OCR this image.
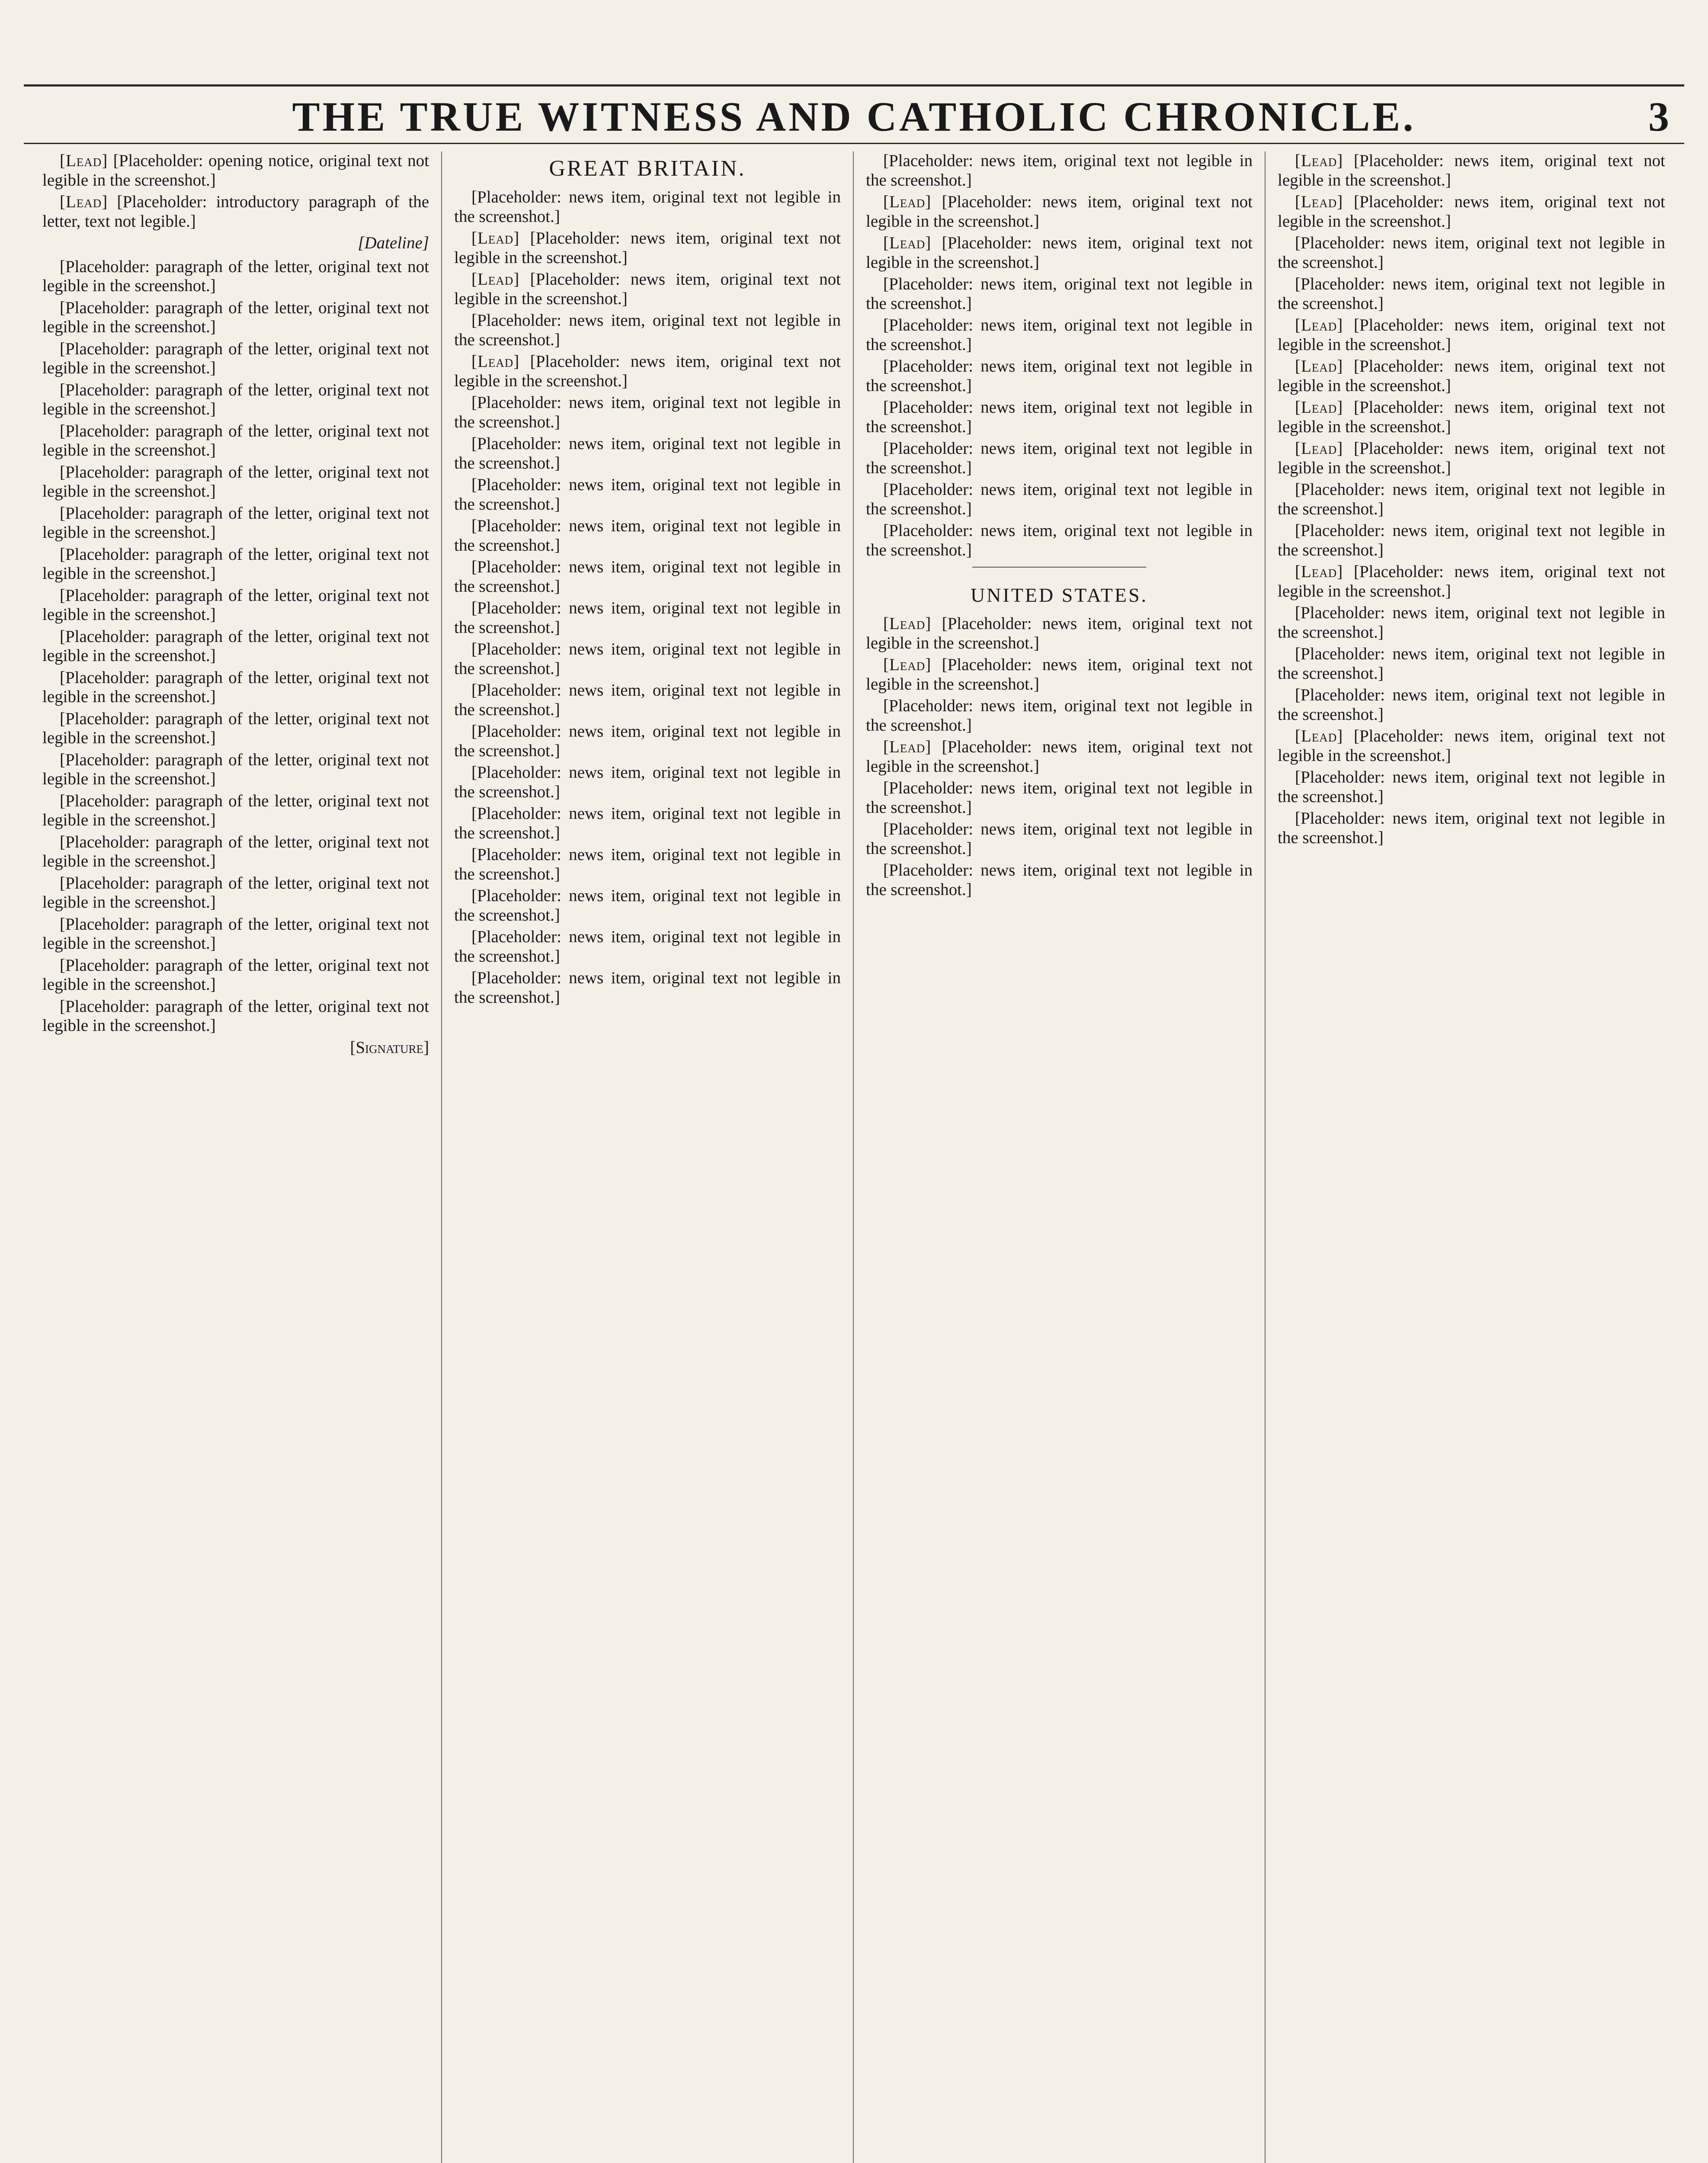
THE TRUE WITNESS AND CATHOLIC CHRONICLE.	3

[Lead] [Placeholder: opening notice, original text not legible in the screenshot.]

[Lead] [Placeholder: introductory paragraph of the letter, text not legible.]

[Dateline]

[Placeholder: paragraph of the letter, original text not legible in the screenshot.]

[Placeholder: paragraph of the letter, original text not legible in the screenshot.]

[Placeholder: paragraph of the letter, original text not legible in the screenshot.]

[Placeholder: paragraph of the letter, original text not legible in the screenshot.]

[Placeholder: paragraph of the letter, original text not legible in the screenshot.]

[Placeholder: paragraph of the letter, original text not legible in the screenshot.]

[Placeholder: paragraph of the letter, original text not legible in the screenshot.]

[Placeholder: paragraph of the letter, original text not legible in the screenshot.]

[Placeholder: paragraph of the letter, original text not legible in the screenshot.]

[Placeholder: paragraph of the letter, original text not legible in the screenshot.]

[Placeholder: paragraph of the letter, original text not legible in the screenshot.]

[Placeholder: paragraph of the letter, original text not legible in the screenshot.]

[Placeholder: paragraph of the letter, original text not legible in the screenshot.]

[Placeholder: paragraph of the letter, original text not legible in the screenshot.]

[Placeholder: paragraph of the letter, original text not legible in the screenshot.]

[Placeholder: paragraph of the letter, original text not legible in the screenshot.]

[Placeholder: paragraph of the letter, original text not legible in the screenshot.]

[Placeholder: paragraph of the letter, original text not legible in the screenshot.]

[Placeholder: paragraph of the letter, original text not legible in the screenshot.]

[Signature]
GREAT BRITAIN.

[Placeholder: news item, original text not legible in the screenshot.]

[Lead] [Placeholder: news item, original text not legible in the screenshot.]

[Lead] [Placeholder: news item, original text not legible in the screenshot.]

[Placeholder: news item, original text not legible in the screenshot.]

[Lead] [Placeholder: news item, original text not legible in the screenshot.]

[Placeholder: news item, original text not legible in the screenshot.]

[Placeholder: news item, original text not legible in the screenshot.]

[Placeholder: news item, original text not legible in the screenshot.]

[Placeholder: news item, original text not legible in the screenshot.]

[Placeholder: news item, original text not legible in the screenshot.]

[Placeholder: news item, original text not legible in the screenshot.]

[Placeholder: news item, original text not legible in the screenshot.]

[Placeholder: news item, original text not legible in the screenshot.]

[Placeholder: news item, original text not legible in the screenshot.]

[Placeholder: news item, original text not legible in the screenshot.]

[Placeholder: news item, original text not legible in the screenshot.]

[Placeholder: news item, original text not legible in the screenshot.]

[Placeholder: news item, original text not legible in the screenshot.]

[Placeholder: news item, original text not legible in the screenshot.]

[Placeholder: news item, original text not legible in the screenshot.]

[Placeholder: news item, original text not legible in the screenshot.]

[Lead] [Placeholder: news item, original text not legible in the screenshot.]

[Lead] [Placeholder: news item, original text not legible in the screenshot.]

[Placeholder: news item, original text not legible in the screenshot.]

[Placeholder: news item, original text not legible in the screenshot.]

[Placeholder: news item, original text not legible in the screenshot.]

[Placeholder: news item, original text not legible in the screenshot.]

[Placeholder: news item, original text not legible in the screenshot.]

[Placeholder: news item, original text not legible in the screenshot.]

[Placeholder: news item, original text not legible in the screenshot.]

UNITED STATES.

[Lead] [Placeholder: news item, original text not legible in the screenshot.]

[Lead] [Placeholder: news item, original text not legible in the screenshot.]

[Placeholder: news item, original text not legible in the screenshot.]

[Lead] [Placeholder: news item, original text not legible in the screenshot.]

[Placeholder: news item, original text not legible in the screenshot.]

[Placeholder: news item, original text not legible in the screenshot.]

[Placeholder: news item, original text not legible in the screenshot.]

[Lead] [Placeholder: news item, original text not legible in the screenshot.]

[Lead] [Placeholder: news item, original text not legible in the screenshot.]

[Placeholder: news item, original text not legible in the screenshot.]

[Placeholder: news item, original text not legible in the screenshot.]

[Lead] [Placeholder: news item, original text not legible in the screenshot.]

[Lead] [Placeholder: news item, original text not legible in the screenshot.]

[Lead] [Placeholder: news item, original text not legible in the screenshot.]

[Lead] [Placeholder: news item, original text not legible in the screenshot.]

[Placeholder: news item, original text not legible in the screenshot.]

[Placeholder: news item, original text not legible in the screenshot.]

[Lead] [Placeholder: news item, original text not legible in the screenshot.]

[Placeholder: news item, original text not legible in the screenshot.]

[Placeholder: news item, original text not legible in the screenshot.]

[Placeholder: news item, original text not legible in the screenshot.]

[Lead] [Placeholder: news item, original text not legible in the screenshot.]

[Placeholder: news item, original text not legible in the screenshot.]

[Placeholder: news item, original text not legible in the screenshot.]
